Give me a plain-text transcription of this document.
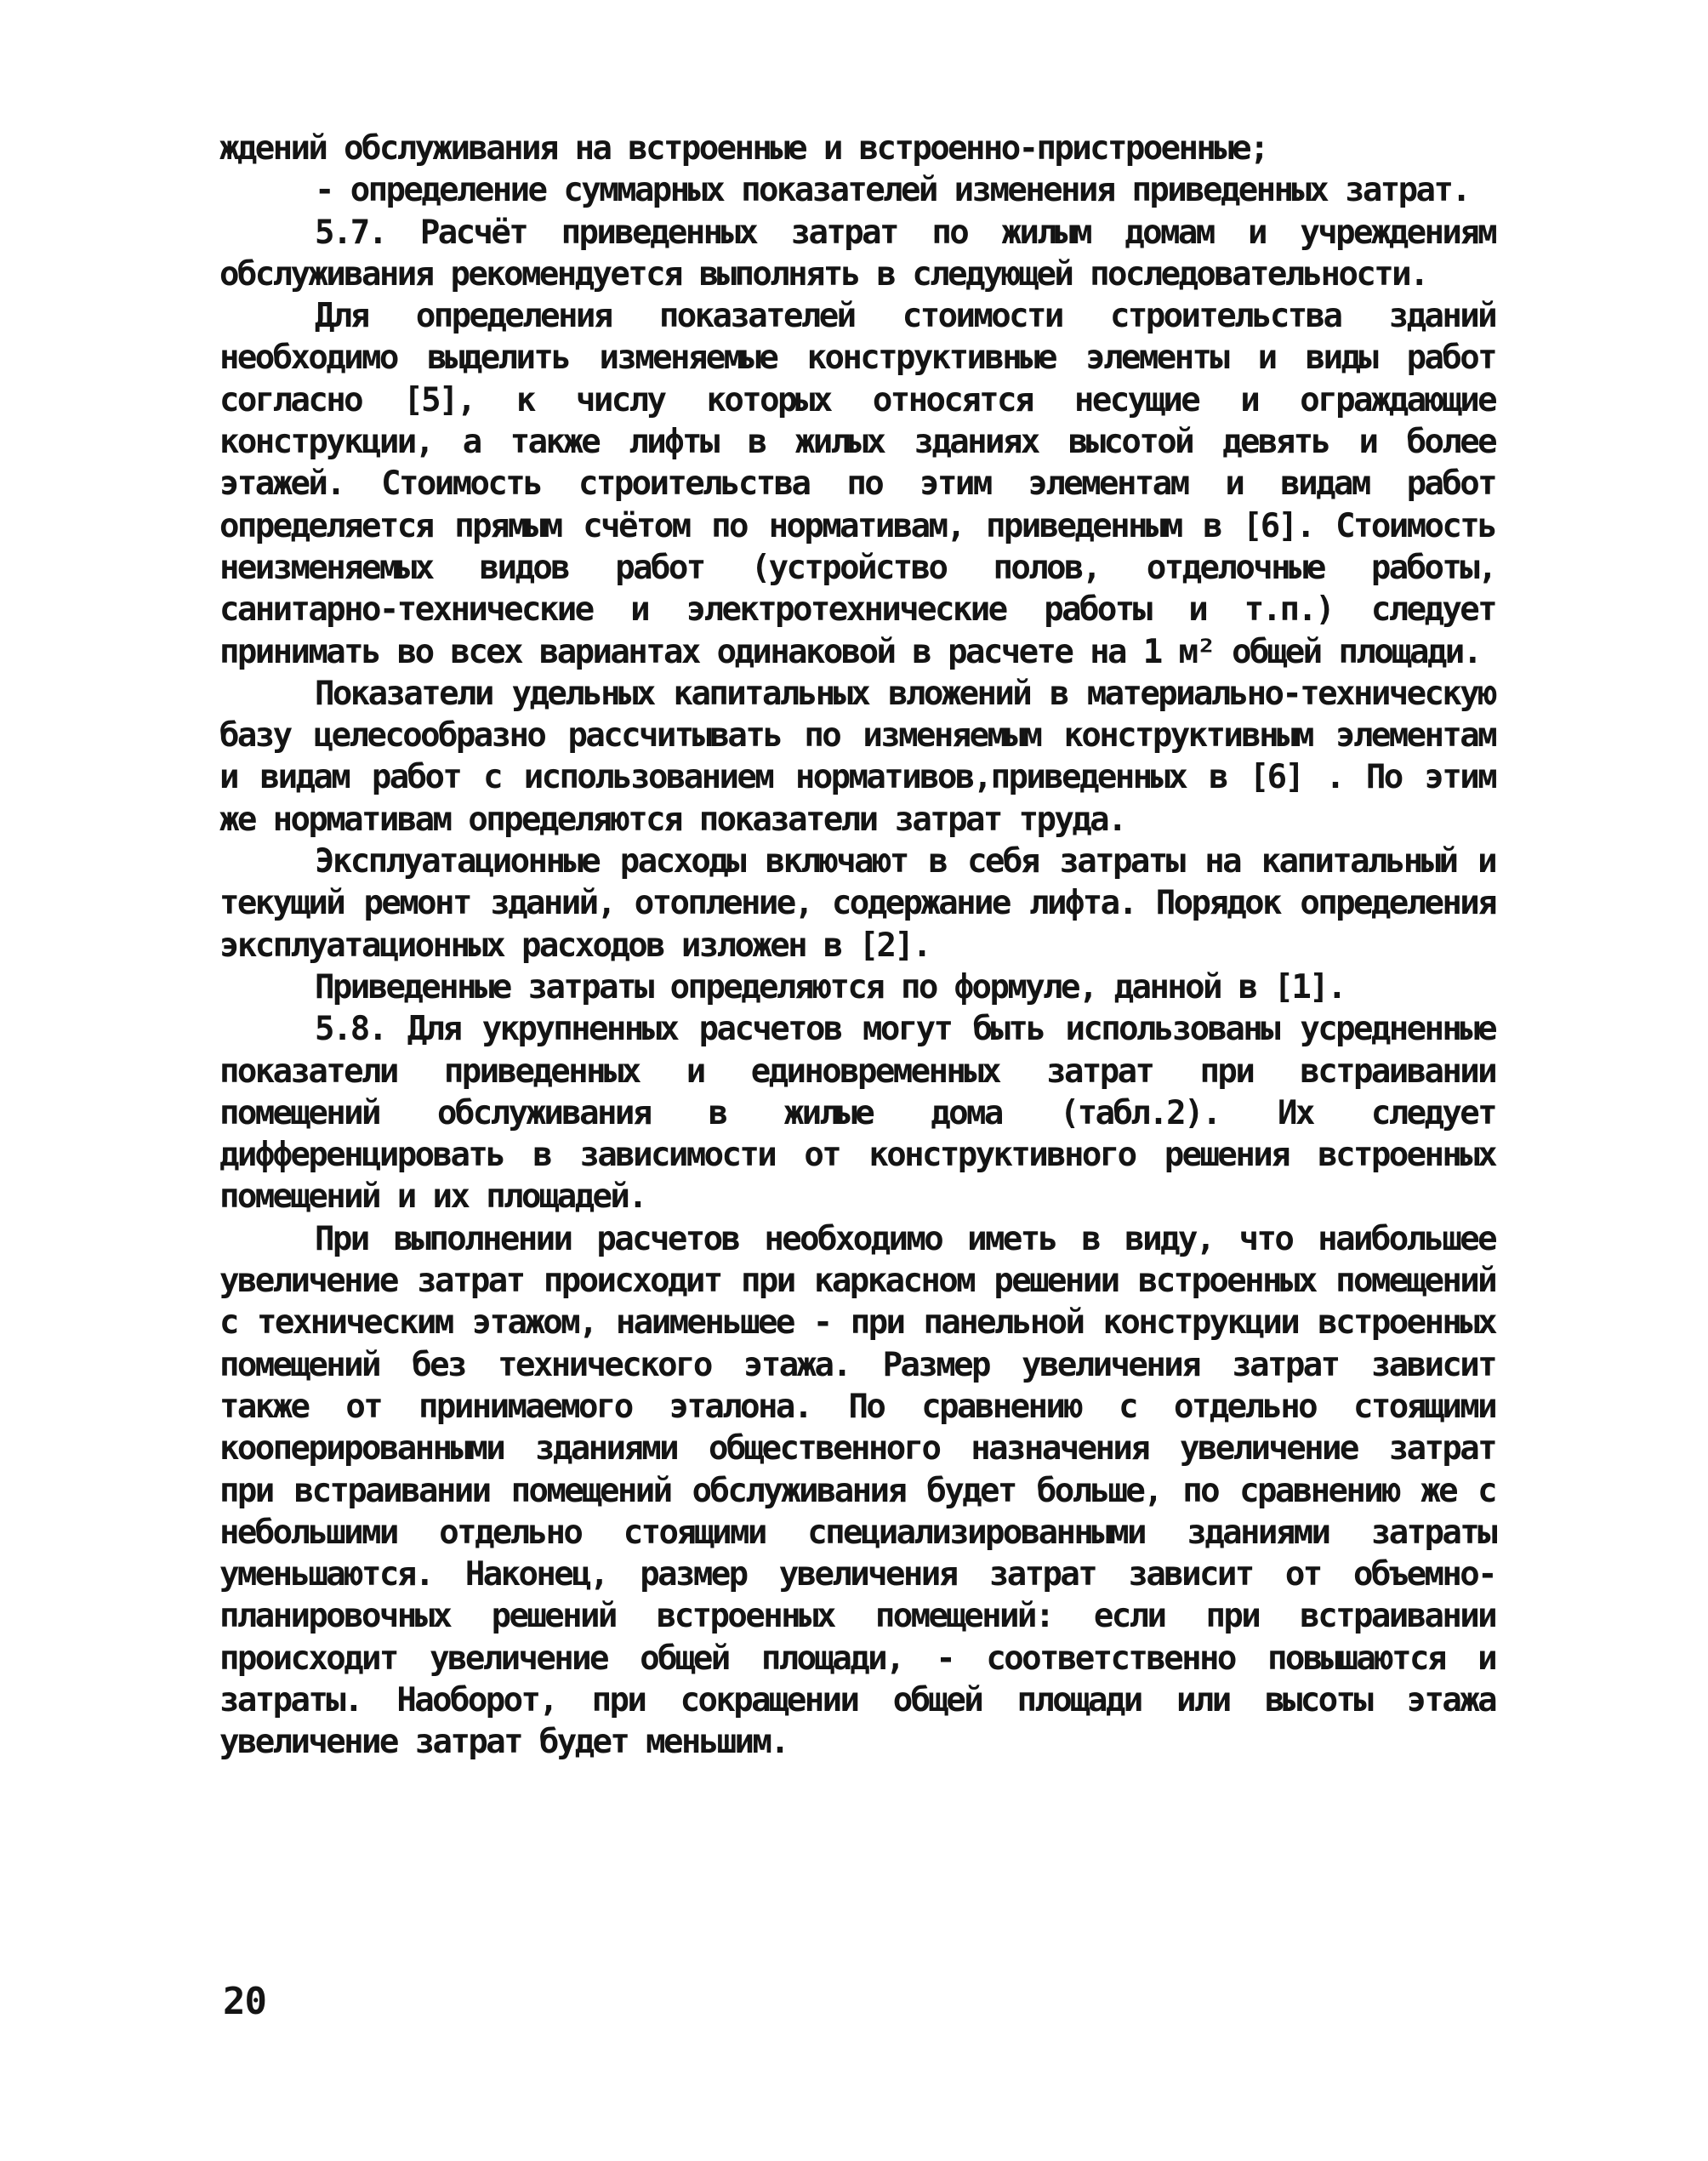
ждений обслуживания на встроенные и встроенно-пристроенные;

- определение суммарных показателей изменения приведенных затрат.

5.7. Расчёт приведенных затрат по жилым домам и учреждениям обслуживания рекомендуется выполнять в следующей последовательности.

Для определения показателей стоимости строительства зданий необходимо выделить изменяемые конструктивные элементы и виды работ согласно [5], к числу которых относятся несущие и ограждающие конструкции, а также лифты в жилых зданиях высотой девять и более этажей. Стоимость строительства по этим элементам и видам работ определяется прямым счётом по нормативам, приведенным в [6]. Стоимость неизменяемых видов работ (устройство полов, отделочные работы, санитарно-технические и электротехнические работы и т.п.) следует принимать во всех вариантах одинаковой в расчете на 1 м² общей площади.

Показатели удельных капитальных вложений в материально-техническую базу целесообразно рассчитывать по изменяемым конструктивным элементам и видам работ с использованием нормативов,приведенных в [6] . По этим же нормативам определяются показатели затрат труда.

Эксплуатационные расходы включают в себя затраты на капитальный и текущий ремонт зданий, отопление, содержание лифта. Порядок определения эксплуатационных расходов изложен в [2].

Приведенные затраты определяются по формуле, данной в [1].

5.8. Для укрупненных расчетов могут быть использованы усредненные показатели приведенных и единовременных затрат при встраивании помещений обслуживания в жилые дома (табл.2). Их следует дифференцировать в зависимости от конструктивного решения встроенных помещений и их площадей.

При выполнении расчетов необходимо иметь в виду, что наибольшее увеличение затрат происходит при каркасном решении встроенных помещений с техническим этажом, наименьшее - при панельной конструкции встроенных помещений без технического этажа. Размер увеличения затрат зависит также от принимаемого эталона. По сравнению с отдельно стоящими кооперированными зданиями общественного назначения увеличение затрат при встраивании помещений обслуживания будет больше, по сравнению же с небольшими отдельно стоящими специализированными зданиями затраты уменьшаются. Наконец, размер увеличения затрат зависит от объемно-планировочных решений встроенных помещений: если при встраивании происходит увеличение общей площади, - соответственно повышаются и затраты. Наоборот, при сокращении общей площади или высоты этажа увеличение затрат будет меньшим.

20
